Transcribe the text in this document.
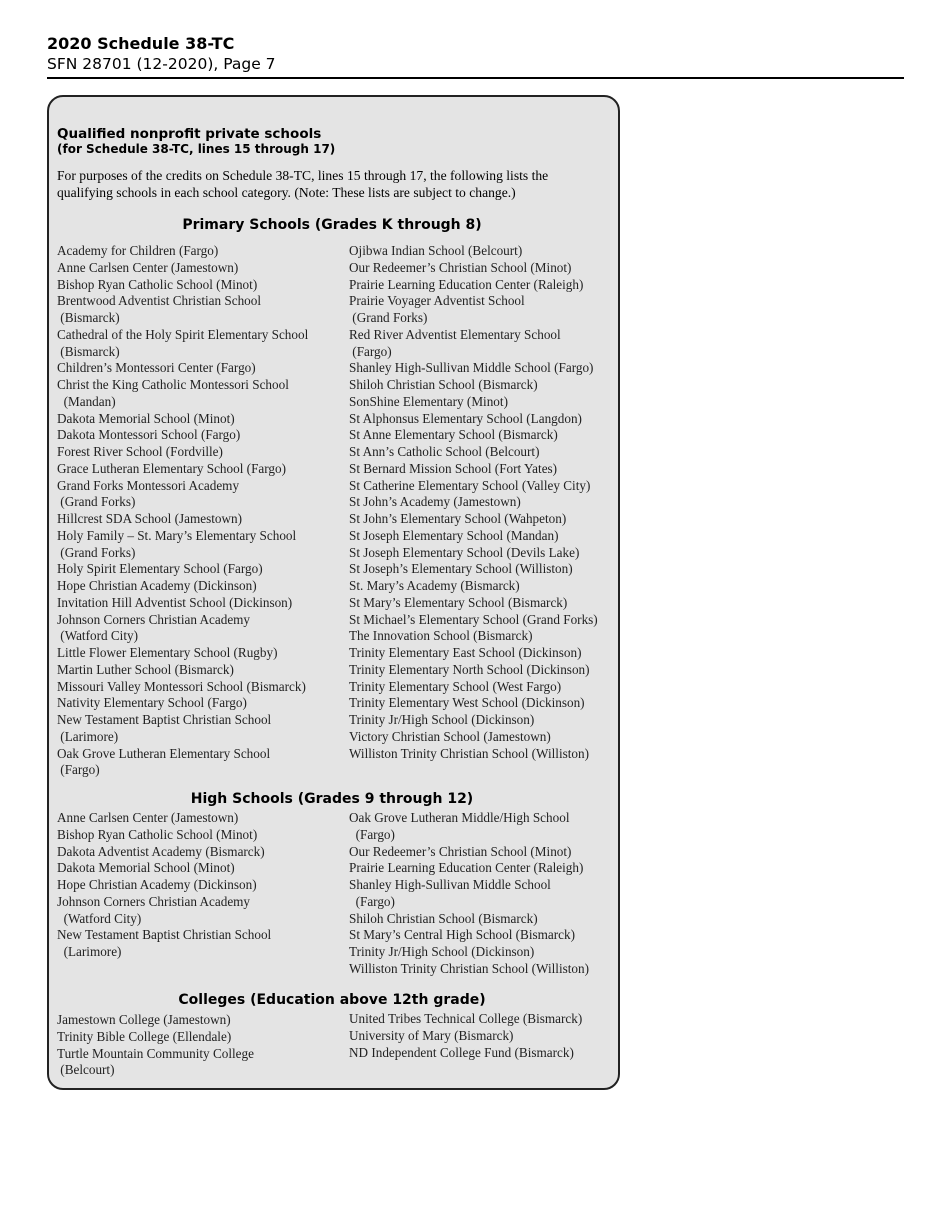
2020 Schedule 38-TC
SFN 28701 (12-2020), Page 7
Qualified nonprofit private schools
(for Schedule 38-TC, lines 15 through 17)
For purposes of the credits on Schedule 38-TC, lines 15 through 17, the following lists the
qualifying schools in each school category. (Note: These lists are subject to change.)
Primary Schools (Grades K through 8)
Academy for Children (Fargo)
Anne Carlsen Center (Jamestown)
Bishop Ryan Catholic School (Minot)
Brentwood Adventist Christian School
(Bismarck)
Cathedral of the Holy Spirit Elementary School
(Bismarck)
Children’s Montessori Center (Fargo)
Christ the King Catholic Montessori School
(Mandan)
Dakota Memorial School (Minot)
Dakota Montessori School (Fargo)
Forest River School (Fordville)
Grace Lutheran Elementary School (Fargo)
Grand Forks Montessori Academy
(Grand Forks)
Hillcrest SDA School (Jamestown)
Holy Family – St. Mary’s Elementary School
(Grand Forks)
Holy Spirit Elementary School (Fargo)
Hope Christian Academy (Dickinson)
Invitation Hill Adventist School (Dickinson)
Johnson Corners Christian Academy
(Watford City)
Little Flower Elementary School (Rugby)
Martin Luther School (Bismarck)
Missouri Valley Montessori School (Bismarck)
Nativity Elementary School (Fargo)
New Testament Baptist Christian School
(Larimore)
Oak Grove Lutheran Elementary School
(Fargo)
Ojibwa Indian School (Belcourt)
Our Redeemer’s Christian School (Minot)
Prairie Learning Education Center (Raleigh)
Prairie Voyager Adventist School
(Grand Forks)
Red River Adventist Elementary School
(Fargo)
Shanley High-Sullivan Middle School (Fargo)
Shiloh Christian School (Bismarck)
SonShine Elementary (Minot)
St Alphonsus Elementary School (Langdon)
St Anne Elementary School (Bismarck)
St Ann’s Catholic School (Belcourt)
St Bernard Mission School (Fort Yates)
St Catherine Elementary School (Valley City)
St John’s Academy (Jamestown)
St John’s Elementary School (Wahpeton)
St Joseph Elementary School (Mandan)
St Joseph Elementary School (Devils Lake)
St Joseph’s Elementary School (Williston)
St. Mary’s Academy (Bismarck)
St Mary’s Elementary School (Bismarck)
St Michael’s Elementary School (Grand Forks)
The Innovation School (Bismarck)
Trinity Elementary East School (Dickinson)
Trinity Elementary North School (Dickinson)
Trinity Elementary School (West Fargo)
Trinity Elementary West School (Dickinson)
Trinity Jr/High School (Dickinson)
Victory Christian School (Jamestown)
Williston Trinity Christian School (Williston)
High Schools (Grades 9 through 12)
Anne Carlsen Center (Jamestown)
Bishop Ryan Catholic School (Minot)
Dakota Adventist Academy (Bismarck)
Dakota Memorial School (Minot)
Hope Christian Academy (Dickinson)
Johnson Corners Christian Academy
(Watford City)
New Testament Baptist Christian School
(Larimore)
Oak Grove Lutheran Middle/High School
(Fargo)
Our Redeemer’s Christian School (Minot)
Prairie Learning Education Center (Raleigh)
Shanley High-Sullivan Middle School
(Fargo)
Shiloh Christian School (Bismarck)
St Mary’s Central High School (Bismarck)
Trinity Jr/High School (Dickinson)
Williston Trinity Christian School (Williston)
Colleges (Education above 12th grade)
Jamestown College (Jamestown)
Trinity Bible College (Ellendale)
Turtle Mountain Community College
(Belcourt)
United Tribes Technical College (Bismarck)
University of Mary (Bismarck)
ND Independent College Fund (Bismarck)
